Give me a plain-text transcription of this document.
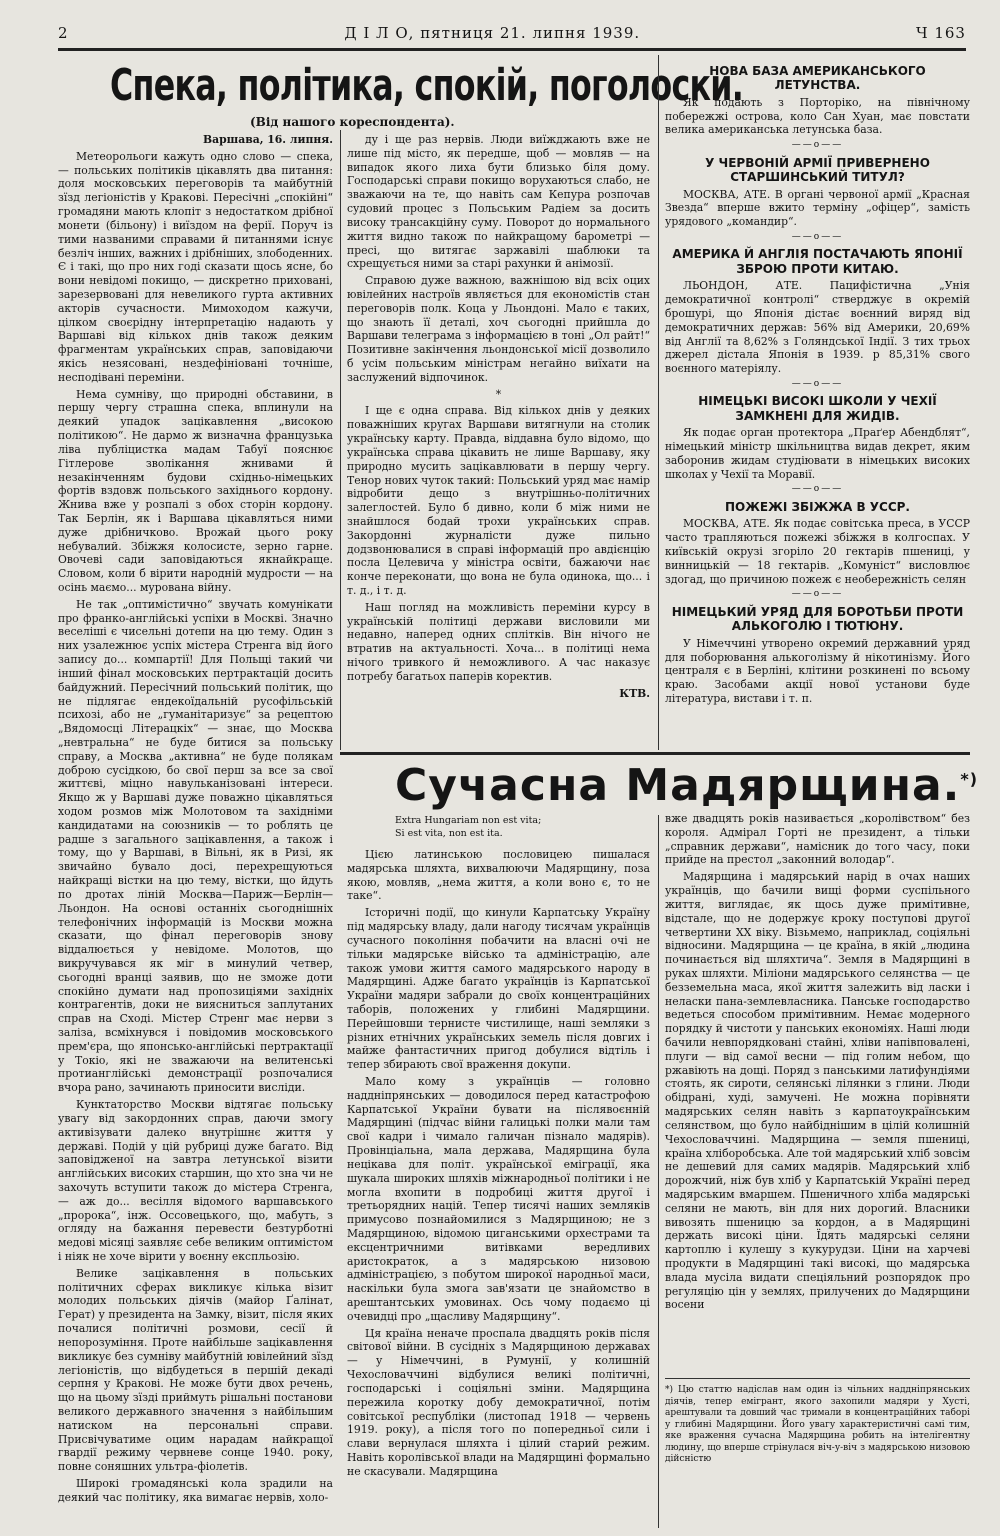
2	Д І Л О, пятниця 21. липня 1939.	Ч 163
Спека, політика, спокій, поголоски.
(Від нашого кореспондента).

Варшава, 16. липня.

Метеорольоги кажуть одно слово — спека, — польських політиків цікавлять два питання: доля московських переговорів та майбутній зїзд легіоністів у Кракові. Пересічні „спокійні“ громадяни мають клопіт з недостатком дрібної монети (більону) і виїздом на ферії. Поруч із тими названими справами й питаннями існує безліч інших, важних і дрібніших, злободенних. Є і такі, що про них годі сказати щось ясне, бо вони невідомі покищо, — дискретно приховані, зарезервовані для невеликого гурта активних акторів сучасности. Мимоходом кажучи, цілком своєрідну інтерпретацію надають у Варшаві від кількох днів також деяким фрагментам українських справ, заповідаючи якісь незясовані, нездефініовані точніше, несподівані переміни.

Нема сумніву, що природні обставини, в першу чергу страшна спека, вплинули на деякий упадок зацікавлення „високою політикою“. Не дармо ж визначна французька ліва публіцистка мадам Табуї пояснює Гітлерове зволікання жнивами й незакінченням будови східньо-німецьких фортів вздовж польського західнього кордону. Жнива вже у розпалі з обох сторін кордону. Так Берлін, як і Варшава цікавляться ними дуже дрібничково. Врожай цього року небувалий. Збіжжя колосисте, зерно гарне. Овочеві сади заповідаються якнайкраще. Словом, коли б вірити народній мудрости — на осінь маємо... мурована війну.

Не так „оптимістично“ звучать комунікати про франко-англійські успіхи в Москві. Значно веселіші є чисельні дотепи на цю тему. Один з них узалежнює успіх містера Стренга від його запису до... компартії! Для Польщі такий чи інший фінал московських пертрактацій досить байдужний. Пересічний польський політик, що не підлягає ендекоїдальній русофільській психозі, або не „гуманітаризує“ за рецептою „Вядомосці Літерацкіх“ — знає, що Москва „невтральна“ не буде битися за польську справу, а Москва „активна“ не буде полякам доброю сусідкою, бо свої перш за все за свої життєві, міцно навульканізовані інтереси. Якщо ж у Варшаві дуже поважно цікавляться ходом розмов між Молотовом та західніми кандидатами на союзників — то роблять це радше з загального зацікавлення, а також і тому, що у Варшаві, в Вільні, як в Ризі, як звичайно бувало досі, перехрещуються найкращі вістки на цю тему, вістки, що йдуть по дротах ліній Москва—Париж—Берлін—Льондон. На основі останніх сьогоднішніх телефонічних інформацій із Москви можна сказати, що фінал переговорів знову віддалюється у невідоме. Молотов, що викручувався як міг в минулий четвер, сьогодні вранці заявив, що не зможе доти спокійно думати над пропозиціями західніх контрагентів, доки не виясниться заплутаних справ на Сході. Містер Стренг має нерви з заліза, всміхнувся і повідомив московського прем'єра, що японсько-англійські пертрактації у Токіо, які не зважаючи на велитенські протианглійські демонстрації розпочалися вчора рано, зачинають приносити висліди.

Кунктаторство Москви відтягає польську увагу від закордонних справ, даючи змогу активізувати далеко внутрішнє життя у державі. Подій у цій рубриці дуже багато. Від заповідженої на завтра летунської візити англійських високих старшин, що хто зна чи не захочуть вступити також до містера Стренга, — аж до... весілля відомого варшавського „пророка“, інж. Оссовецького, що, мабуть, з огляду на бажання перевести безтурботні медові місяці заявляє себе великим оптимістом і ніяк не хоче вірити у воєнну експльозію.

Велике зацікавлення в польських політичних сферах викликує кілька візит молодих польських діячів (майор Ґалінат, Герат) у президента на Замку, візит, після яких почалися політичні розмови, сесії й непорозуміння. Проте найбільше зацікавлення викликує без сумніву майбутній ювілейний зїзд легіоністів, що відбудеться в першій декаді серпня у Кракові. Не може бути двох речень, що на цьому зїзді приймуть рішальні постанови великого державного значення з найбільшим натиском на персональні справи. Присвічуватиме оцим нарадам найкращої гвардії режиму червневе сонце 1940. року, повне соняшних ультра-фіолетів.

Широкі громадянські кола зрадили на деякий час політику, яка вимагає нервів, холо-

ду і ще раз нервів. Люди виїжджають вже не лише під місто, як передше, щоб — мовляв — на випадок якого лиха бути близько біля дому. Господарські справи покищо ворухаються слабо, не зважаючи на те, що навіть сам Кепура розпочав судовий процес з Польським Радіем за досить високу трансакційну суму. Поворот до нормального життя видно також по найкращому барометрі — пресі, що витягає заржавілі шаблюки та схрещується ними за старі рахунки й анімозії.

Справою дуже важною, важнішою від всіх оцих ювілейних настроїв являється для економістів стан переговорів полк. Коца у Льондоні. Мало є таких, що знають її деталі, хоч сьогодні прийшла до Варшави телеграма з інформацією в тоні „Ол райт!“ Позитивне закінчення льондонської місії дозволило б усім польським міністрам негайно виїхати на заслужений відпочинок.

*

І ще є одна справа. Від кількох днів у деяких поважніших кругах Варшави витягнули на столик українську карту. Правда, віддавна було відомо, що українська справа цікавить не лише Варшаву, яку природно мусить зацікавлювати в першу чергу. Тенор нових чуток такий: Польський уряд має намір відробити дещо з внутрішньо-політичних залеглостей. Було б дивно, коли б між ними не знайшлося бодай трохи українських справ. Закордонні журналісти дуже пильно додзвонювалися в справі інформацій про авдієнцію посла Целевича у міністра освіти, бажаючи нає конче переконати, що вона не була одинока, що... і т. д., і т. д.

Наш погляд на можливість переміни курсу в українській політиці держави висловили ми недавно, наперед одних сплітків. Він нічого не втратив на актуальності. Хоча... в політиці нема нічого тривкого й неможливого. А час наказує потребу багатьох паперів коректив.

КТВ.

НОВА БАЗА АМЕРИКАНСЬКОГО ЛЕТУНСТВА.

Як подають з Порторіко, на північному побережжі острова, коло Сан Хуан, має повстати велика американська летунська база.

——o——
У ЧЕРВОНІЙ АРМІЇ ПРИВЕРНЕНО СТАРШИНСЬКИЙ ТИТУЛ?

МОСКВА, АТЕ. В органі червоної армії „Красная Звезда“ вперше вжито терміну „офіцер“, замість урядового „командир“.

——o——
АМЕРИКА Й АНГЛІЯ ПОСТАЧАЮТЬ ЯПОНІЇ ЗБРОЮ ПРОТИ КИТАЮ.

ЛЬОНДОН, АТЕ. Пацифістична „Унія демократичної контролі“ стверджує в окремій брошурі, що Японія дістає воєнний виряд від демократичних держав: 56% від Америки, 20,69% від Англії та 8,62% з Голяндської Індії. З тих трьох джерел дістала Японія в 1939. р 85,31% свого воєнного матеріялу.

——o——
НІМЕЦЬКІ ВИСОКІ ШКОЛИ У ЧЕХІЇ ЗАМКНЕНІ ДЛЯ ЖИДІВ.

Як подає орган протектора „Праґер Абендблят“, німецький міністр шкільництва видав декрет, яким заборонив жидам студіювати в німецьких високих школах у Чехії та Моравії.

——o——
ПОЖЕЖІ ЗБІЖЖА В УССР.

МОСКВА, АТЕ. Як подає совітська преса, в УССР часто трапляються пожежі збіжжя в колгоспах. У київській окрузі згоріло 20 гектарів пшениці, у винницькій — 18 гектарів. „Комуніст“ висловлює здогад, що причиною пожеж є необережність селян

——o——
НІМЕЦЬКИЙ УРЯД ДЛЯ БОРОТЬБИ ПРОТИ АЛЬКОГОЛЮ І ТЮТЮНУ.

У Німеччині утворено окремий державний уряд для поборювання алькоголізму й нікотинізму. Його централя є в Берліні, клітини розкинені по всьому краю. Засобами акції нової установи буде література, вистави і т. п.

Сучасна Мадярщина.*)
Extra Hungariam non est vita;
Si est vita, non est ita.

Цією латинською пословицею пишалася мадярська шляхта, вихвалюючи Мадярщину, поза якою, мовляв, „нема життя, а коли воно є, то не таке“.

Історичні події, що кинули Карпатську Україну під мадярську владу, дали нагоду тисячам українців сучасного покоління побачити на власні очі не тільки мадярське військо та адміністрацію, але також умови життя самого мадярського народу в Мадярщині. Адже багато українців із Карпатської України мадяри забрали до своїх концентраційних таборів, положених у глибині Мадярщини. Перейшовши тернисте чистилище, наші земляки з різних етнічних українських земель після довгих і майже фантастичних пригод добулися відтіль і тепер збирають свої враження докупи.

Мало кому з українців — головно наддніпрянських — доводилося перед катастрофою Карпатської України бувати на післявоєнній Мадярщині (підчас війни галицькі полки мали там свої кадри і чимало галичан пізнало мадярів). Провінціальна, мала держава, Мадярщина була нецікава для політ. української еміграції, яка шукала широких шляхів міжнародньої політики і не могла вхопити в подробиці життя другої і третьорядних націй. Тепер тисячі наших земляків примусово познайомилися з Мадярщиною; не з Мадярщиною, відомою циганськими орхестрами та ексцентричними витівками вередливих аристократок, а з мадярською низовою адміністрацією, з побутом широкої народньої маси, наскільки була змога зав'язати це знайомство в арештантських умовинах. Ось чому подаємо ці очевидці про „щасливу Мадярщину“.

Ця країна неначе проспала двадцять років після світової війни. В сусідніх з Мадярщиною державах — у Німеччині, в Румунії, у колишній Чехословаччині відбулися великі політичні, господарські і соціяльні зміни. Мадярщина пережила коротку добу демократичної, потім совітської республіки (листопад 1918 — червень 1919. року), а після того по попередньої сили і слави вернулася шляхта і цілий старий режим. Навіть королівської влади на Мадярщині формально не скасували. Мадярщина

вже двадцять років називається „королівством“ без короля. Адмірал Горті не президент, а тільки „справник держави“, намісник до того часу, поки прийде на престол „законний володар“.

Мадярщина і мадярський нарід в очах наших українців, що бачили вищі форми суспільного життя, виглядає, як щось дуже примітивне, відстале, що не додержує кроку поступові другої четвертини ХХ віку. Візьмемо, наприклад, соціяльні відносини. Мадярщина — це країна, в якій „людина починається від шляхтича“. Земля в Мадярщині в руках шляхти. Міліони мадярського селянства — це безземельна маса, якої життя залежить від ласки і неласки пана-землевласника. Панське господарство ведеться способом примітивним. Немає модерного порядку й чистоти у панських економіях. Наші люди бачили невпорядковані стайні, хліви напівповалені, плуги — від самої весни — під голим небом, що ржавіють на дощі. Поряд з панськими латифундіями стоять, як сироти, селянські лілянки з глини. Люди обідрані, худі, замучені. Не можна порівняти мадярських селян навіть з карпатоукраїнським селянством, що було найбіднішим в цілій колишній Чехословаччині. Мадярщина — земля пшениці, країна хліборобська. Але той мадярський хліб зовсім не дешевий для самих мадярів. Мадярський хліб дорожчий, ніж був хліб у Карпатській Україні перед мадярським вмаршем. Пшеничного хліба мадярські селяни не мають, він для них дорогий. Власники вивозять пшеницю за кордон, а в Мадярщині держать високі ціни. Їдять мадярські селяни картоплю і кулешу з кукурудзи. Ціни на харчеві продукти в Мадярщині такі високі, що мадярська влада мусіла видати спеціяльний розпорядок про регуляцію цін у землях, прилучених до Мадярщини восени

*) Цю статтю надіслав нам один із чільних наддніпрянських діячів, тепер емігрант, якого захопили мадяри у Хусті, арештували та довший час тримали в концентраційних таборі у глибині Мадярщини. Його увагу характеристичні самі тим, яке враження сучасна Мадярщина робить на інтелігентну людину, що вперше стрінулася віч-у-віч з мадярською низовою дійсністю
